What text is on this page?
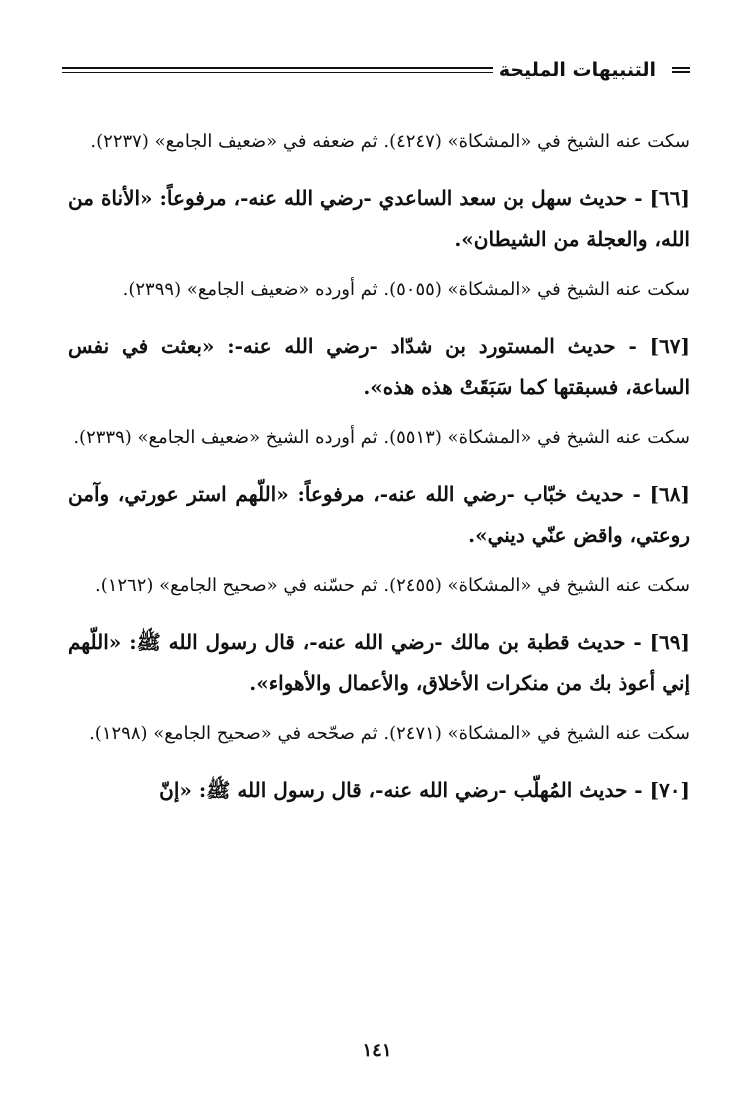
التنبيهات الملیحة

سكت عنه الشيخ في «المشكاة» (٤٢٤٧). ثم ضعفه في «ضعيف الجامع» (٢٢٣٧).

[٦٦] - حديث سهل بن سعد الساعدي -رضي الله عنه-، مرفوعاً: «الأناة من الله، والعجلة من الشيطان».

سكت عنه الشيخ في «المشكاة» (٥٠٥٥). ثم أورده «ضعيف الجامع» (٢٣٩٩).

[٦٧] - حديث المستورد بن شدّاد -رضي الله عنه-: «بعثت في نفس الساعة، فسبقتها كما سَبَقَتْ هذه هذه».

سكت عنه الشيخ في «المشكاة» (٥٥١٣). ثم أورده الشيخ «ضعيف الجامع» (٢٣٣٩).

[٦٨] - حديث خبّاب -رضي الله عنه-، مرفوعاً: «اللّهم استر عورتي، وآمن روعتي، واقض عنّي ديني».

سكت عنه الشيخ في «المشكاة» (٢٤٥٥). ثم حسّنه في «صحيح الجامع» (١٢٦٢).

[٦٩] - حديث قطبة بن مالك -رضي الله عنه-، قال رسول الله ﷺ: «اللّهم إني أعوذ بك من منكرات الأخلاق، والأعمال والأهواء».

سكت عنه الشيخ في «المشكاة» (٢٤٧١). ثم صحّحه في «صحيح الجامع» (١٢٩٨).

[٧٠] - حديث المُهلّب -رضي الله عنه-، قال رسول الله ﷺ: «إنّ

١٤١
